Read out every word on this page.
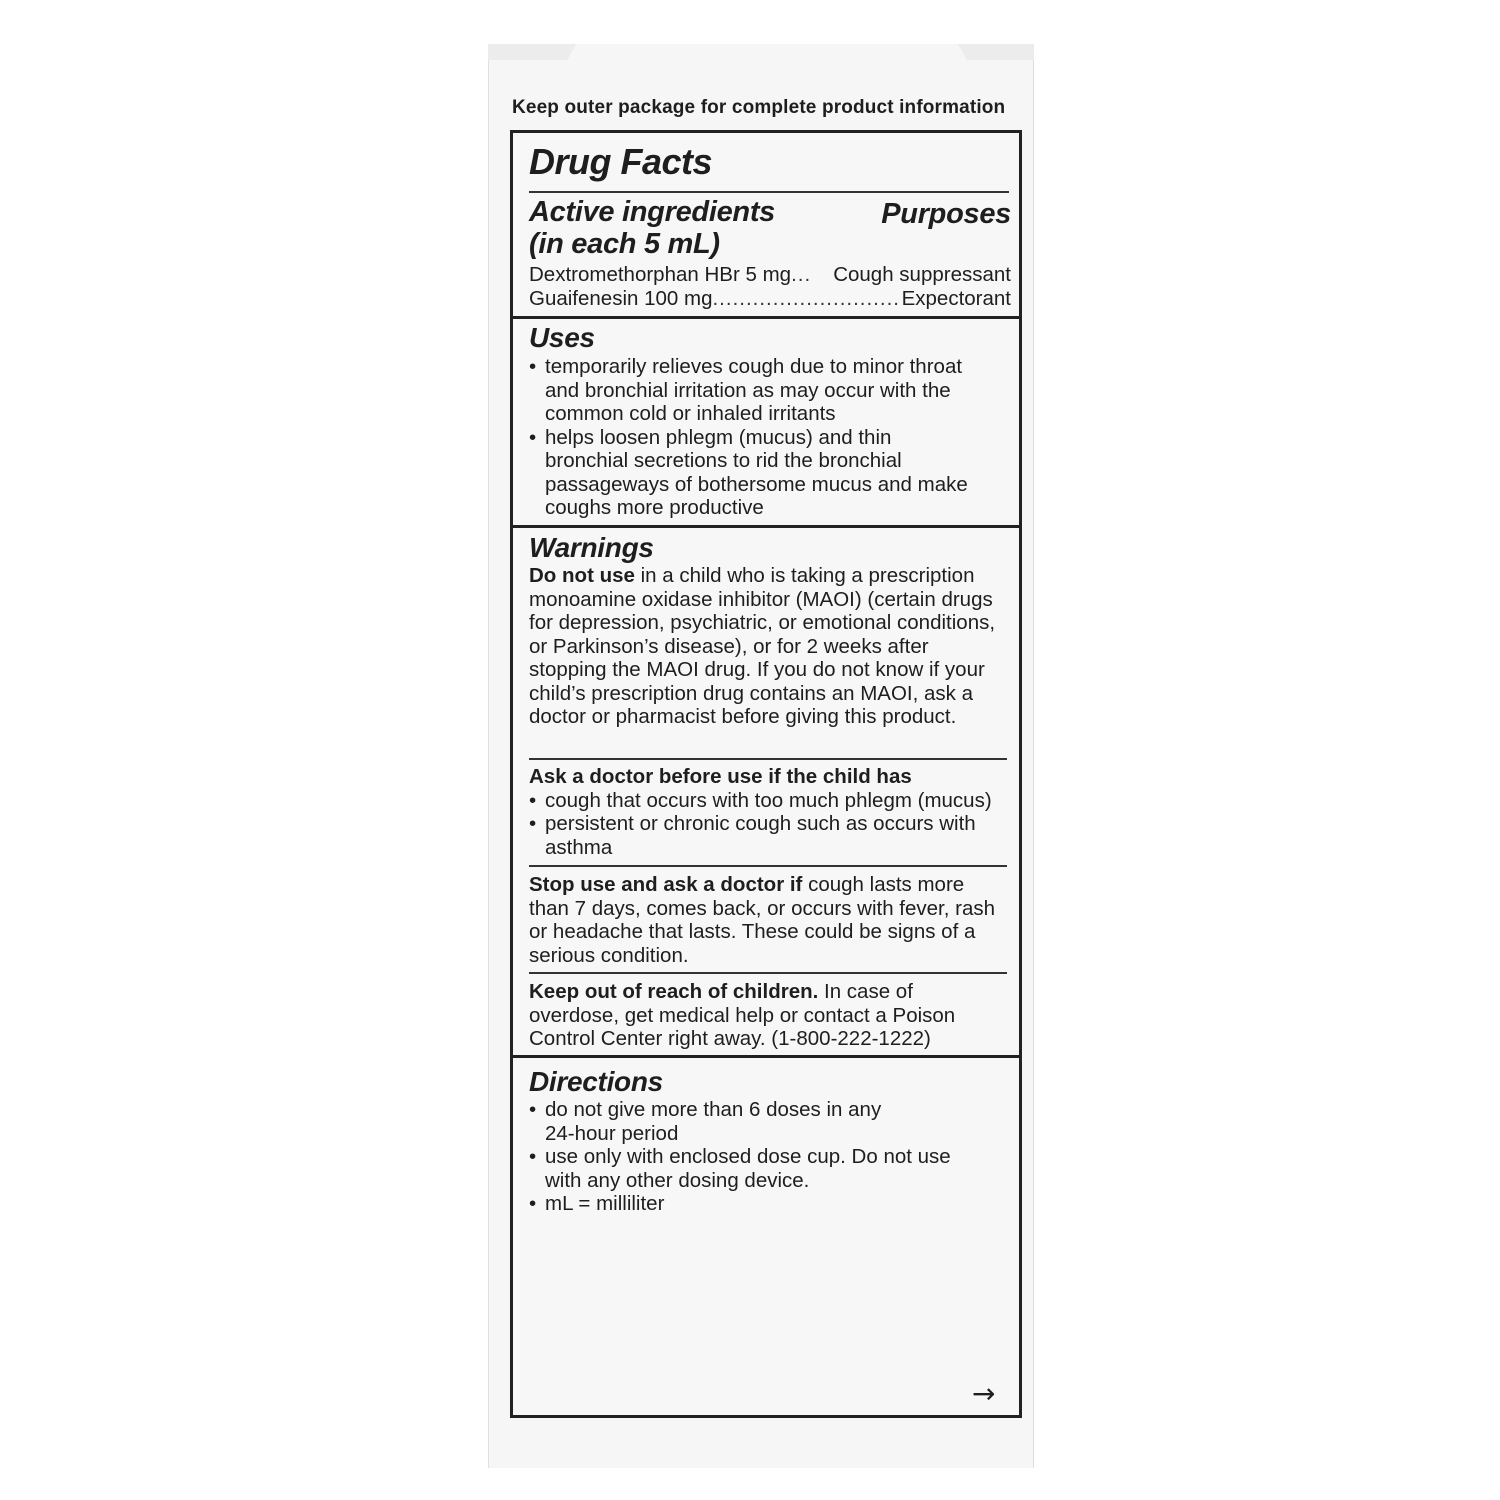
Keep outer package for complete product information
Drug Facts
Active ingredients
(in each 5 mL)
Purposes
Dextromethorphan HBr 5 mg ...	Cough suppressant
Guaifenesin 100 mg ............................ Expectorant
Uses
• temporarily relieves cough due to minor throat and bronchial irritation as may occur with the common cold or inhaled irritants
• helps loosen phlegm (mucus) and thin bronchial secretions to rid the bronchial passageways of bothersome mucus and make coughs more productive
Warnings
Do not use in a child who is taking a prescription monoamine oxidase inhibitor (MAOI) (certain drugs for depression, psychiatric, or emotional conditions, or Parkinson’s disease), or for 2 weeks after stopping the MAOI drug. If you do not know if your child’s prescription drug contains an MAOI, ask a doctor or pharmacist before giving this product.
Ask a doctor before use if the child has
• cough that occurs with too much phlegm (mucus)
• persistent or chronic cough such as occurs with asthma
Stop use and ask a doctor if cough lasts more than 7 days, comes back, or occurs with fever, rash or headache that lasts. These could be signs of a serious condition.
Keep out of reach of children. In case of overdose, get medical help or contact a Poison Control Center right away. (1-800-222-1222)
Directions
• do not give more than 6 doses in any 24-hour period
• use only with enclosed dose cup. Do not use with any other dosing device.
• mL = milliliter
→
